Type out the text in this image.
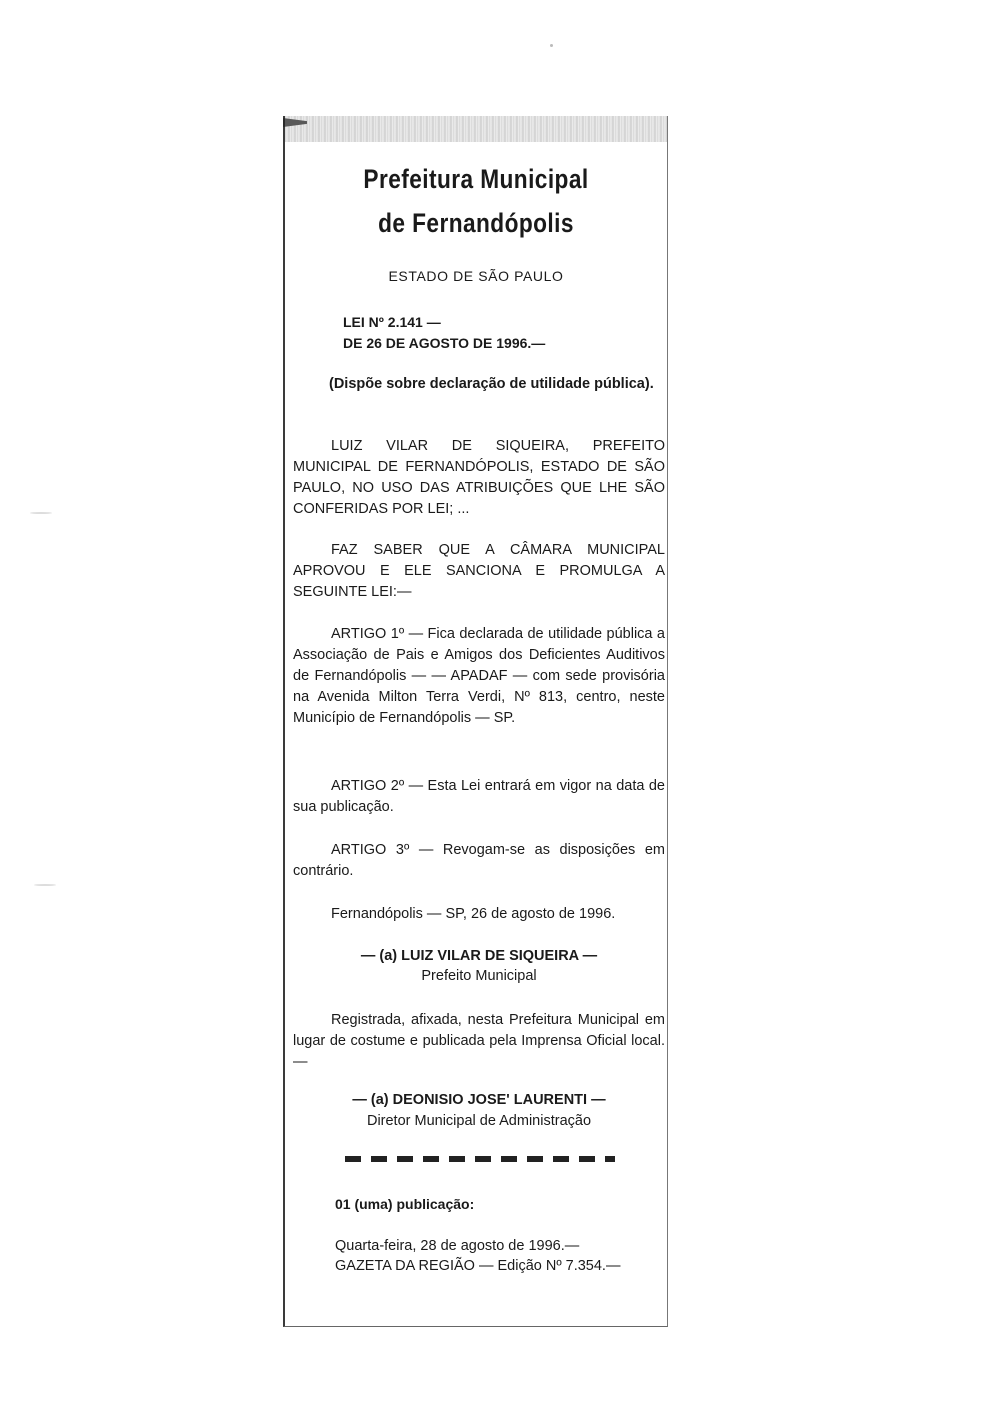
Prefeitura Municipal
de Fernandópolis
ESTADO DE SÃO PAULO
LEI Nº 2.141 —
DE 26 DE AGOSTO DE 1996.—
(Dispõe sobre declaração de utilidade pública).
LUIZ VILAR DE SIQUEIRA, PREFEITO MUNICIPAL DE FERNANDÓPOLIS, ESTADO DE SÃO PAULO, NO USO DAS ATRIBUIÇÕES QUE LHE SÃO CONFERIDAS POR LEI; ...
FAZ SABER QUE A CÂMARA MUNICIPAL APROVOU E ELE SANCIONA E PROMULGA A SEGUINTE LEI:—
ARTIGO 1º — Fica declarada de utilidade pública a Associação de Pais e Amigos dos Deficientes Auditivos de Fernandópolis — — APADAF — com sede provisória na Avenida Milton Terra Verdi, Nº 813, centro, neste Município de Fernandópolis — SP.
ARTIGO 2º — Esta Lei entrará em vigor na data de sua publicação.
ARTIGO 3º — Revogam-se as disposições em contrário.
Fernandópolis — SP, 26 de agosto de 1996.
— (a) LUIZ VILAR DE SIQUEIRA —
Prefeito Municipal
Registrada, afixada, nesta Prefeitura Municipal em lugar de costume e publicada pela Imprensa Oficial local.—
— (a) DEONISIO JOSE' LAURENTI —
Diretor Municipal de Administração
01 (uma) publicação:
Quarta-feira, 28 de agosto de 1996.—
GAZETA DA REGIÃO — Edição Nº 7.354.—
